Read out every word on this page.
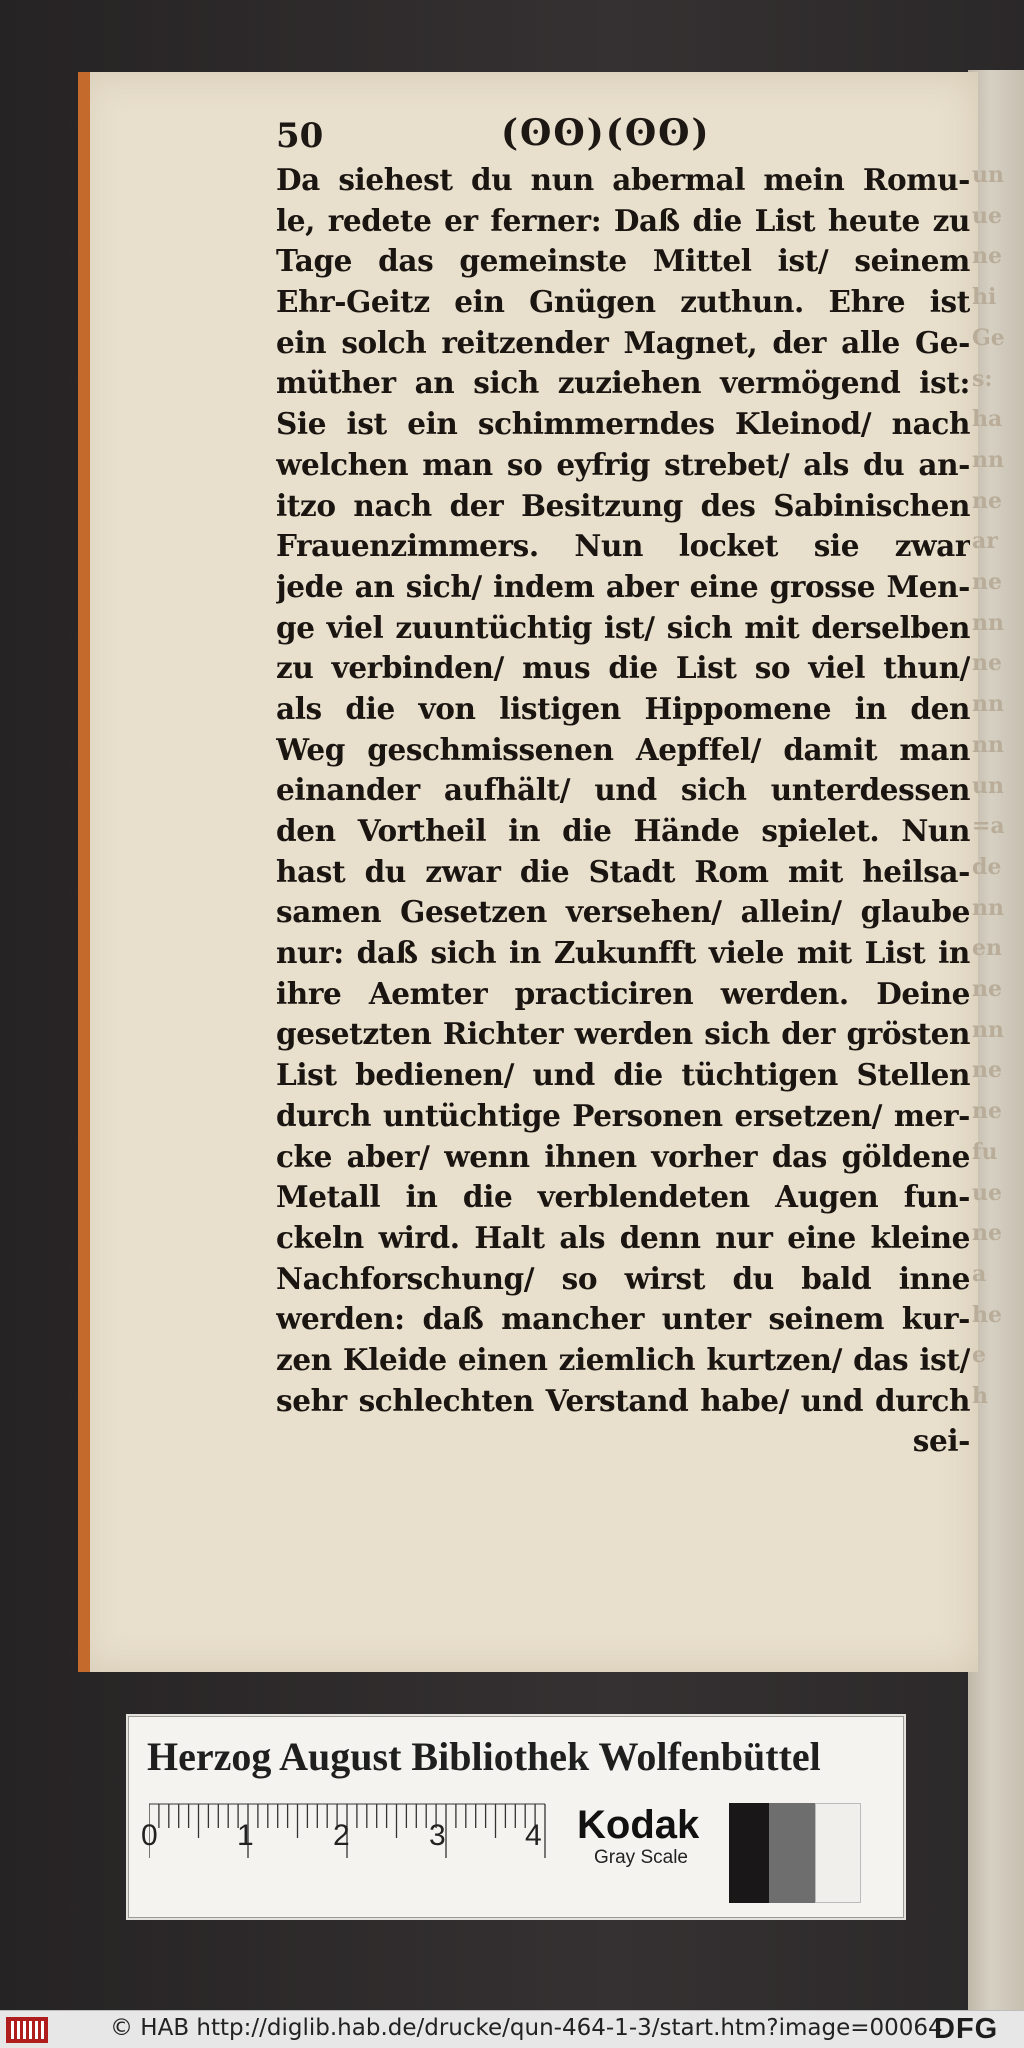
un
ue
ne
hi
Ge
s:
ha
nn
ne
ar
ne
nn
ne
nn
nn
un
=a
de
nn
en
ne
nn
ne
ne
fu
ue
ne
a
he
e
h
50	(ʘʘ)(ʘʘ)
Da siehest du nun abermal mein Romu-
le, redete er ferner: Daß die List heute zu
Tage das gemeinste Mittel ist/ seinem
Ehr-Geitz ein Gnügen zuthun. Ehre ist
ein solch reitzender Magnet, der alle Ge-
müther an sich zuziehen vermögend ist:
Sie ist ein schimmerndes Kleinod/ nach
welchen man so eyfrig strebet/ als du an-
itzo nach der Besitzung des Sabinischen
Frauenzimmers. Nun locket sie zwar
jede an sich/ indem aber eine grosse Men-
ge viel zuuntüchtig ist/ sich mit derselben
zu verbinden/ mus die List so viel thun/
als die von listigen Hippomene in den
Weg geschmissenen Aepffel/ damit man
einander aufhält/ und sich unterdessen
den Vortheil in die Hände spielet. Nun
hast du zwar die Stadt Rom mit heilsa-
samen Gesetzen versehen/ allein/ glaube
nur: daß sich in Zukunfft viele mit List in
ihre Aemter practiciren werden. Deine
gesetzten Richter werden sich der grösten
List bedienen/ und die tüchtigen Stellen
durch untüchtige Personen ersetzen/ mer-
cke aber/ wenn ihnen vorher das göldene
Metall in die verblendeten Augen fun-
ckeln wird. Halt als denn nur eine kleine
Nachforschung/ so wirst du bald inne
werden: daß mancher unter seinem kur-
zen Kleide einen ziemlich kurtzen/ das ist/
sehr schlechten Verstand habe/ und durch
sei-
Herzog August Bibliothek Wolfenbüttel
0	1	2	3	4 Kodak
Gray Scale
© HAB http://diglib.hab.de/drucke/qun-464-1-3/start.htm?image=00064
DFG
